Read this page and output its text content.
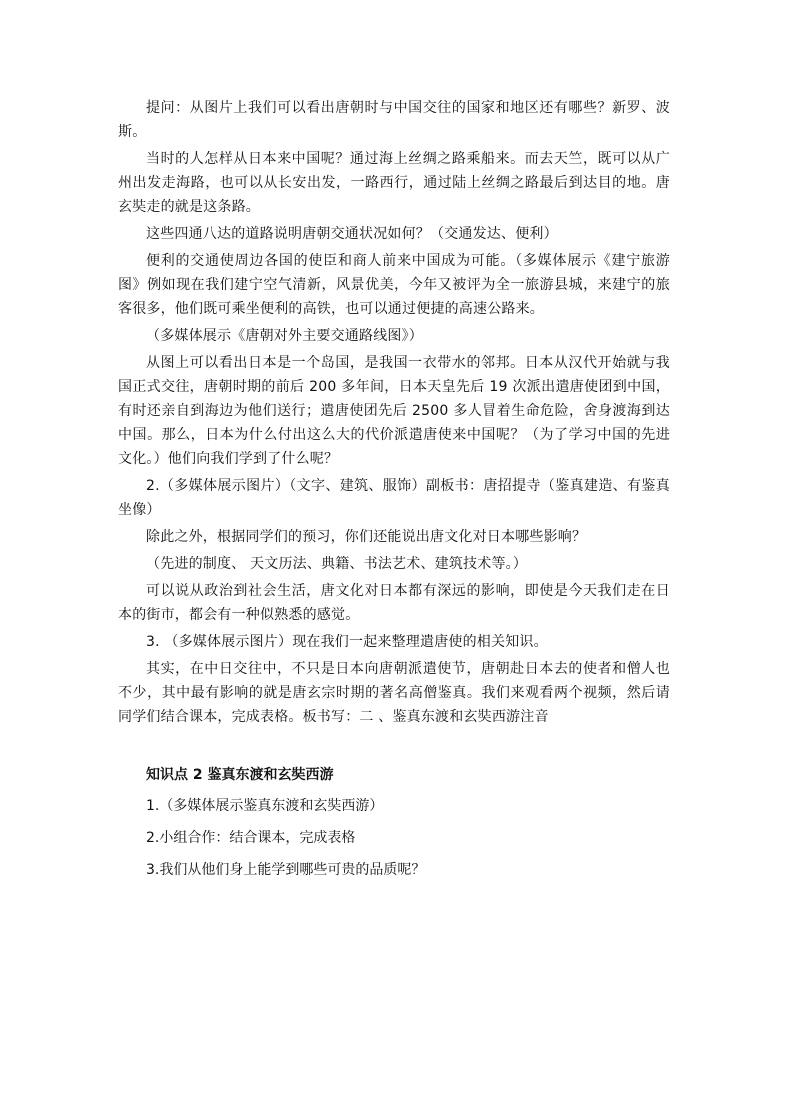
提问：从图片上我们可以看出唐朝时与中国交往的国家和地区还有哪些？新罗、波斯。

当时的人怎样从日本来中国呢？通过海上丝绸之路乘船来。而去天竺，既可以从广州出发走海路，也可以从长安出发，一路西行，通过陆上丝绸之路最后到达目的地。唐玄奘走的就是这条路。

这些四通八达的道路说明唐朝交通状况如何？（交通发达、便利）

便利的交通使周边各国的使臣和商人前来中国成为可能。（多媒体展示《建宁旅游图》例如现在我们建宁空气清新，风景优美，今年又被评为全一旅游县城，来建宁的旅客很多，他们既可乘坐便利的高铁，也可以通过便捷的高速公路来。

（多媒体展示《唐朝对外主要交通路线图》）

从图上可以看出日本是一个岛国，是我国一衣带水的邻邦。日本从汉代开始就与我国正式交往，唐朝时期的前后 200 多年间，日本天皇先后 19 次派出遣唐使团到中国，有时还亲自到海边为他们送行；遣唐使团先后 2500 多人冒着生命危险，舍身渡海到达中国。那么，日本为什么付出这么大的代价派遣唐使来中国呢？（为了学习中国的先进文化。）他们向我们学到了什么呢？

2.（多媒体展示图片）（文字、建筑、服饰）副板书：唐招提寺（鉴真建造、有鉴真坐像）

除此之外，根据同学们的预习，你们还能说出唐文化对日本哪些影响？

（先进的制度、 天文历法、典籍、书法艺术、建筑技术等。）

可以说从政治到社会生活，唐文化对日本都有深远的影响，即使是今天我们走在日本的街市，都会有一种似熟悉的感觉。

3. （多媒体展示图片）现在我们一起来整理遣唐使的相关知识。

其实，在中日交往中，不只是日本向唐朝派遣使节，唐朝赴日本去的使者和僧人也不少，其中最有影响的就是唐玄宗时期的著名高僧鉴真。我们来观看两个视频，然后请同学们结合课本，完成表格。板书写：二 、鉴真东渡和玄奘西游注音

知识点 2 鉴真东渡和玄奘西游
1.（多媒体展示鉴真东渡和玄奘西游）
2.小组合作：结合课本，完成表格
3.我们从他们身上能学到哪些可贵的品质呢？
